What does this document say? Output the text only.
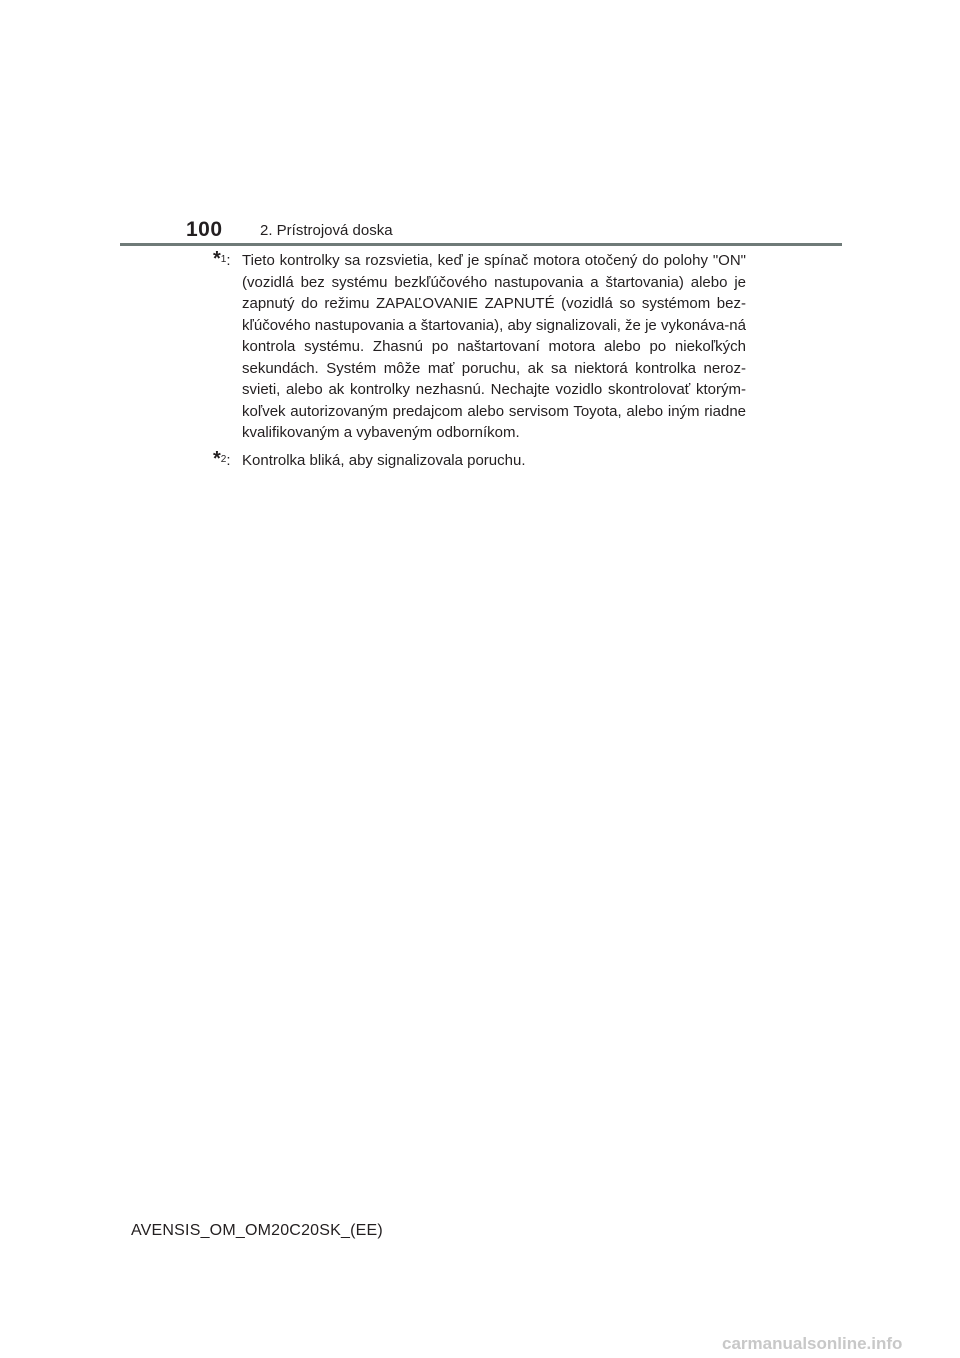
100 2. Prístrojová doska
*$^1$: Tieto kontrolky sa rozsvietia, keď je spínač motora otočený do polohy "ON" (vozidlá bez systému bezkľúčového nastupovania a štartovania) alebo je zapnutý do režimu ZAPAĽOVANIE ZAPNUTÉ (vozidlá so systémom bez-kľúčového nastupovania a štartovania), aby signalizovali, že je vykonáva-ná kontrola systému. Zhasnú po naštartovaní motora alebo po niekoľkých sekundách. Systém môže mať poruchu, ak sa niektorá kontrolka neroz-svieti, alebo ak kontrolky nezhasnú. Nechajte vozidlo skontrolovať ktorým-koľvek autorizovaným predajcom alebo servisom Toyota, alebo iným riadne kvalifikovaným a vybaveným odborníkom.
*$^2$: Kontrolka bliká, aby signalizovala poruchu.
AVENSIS_OM_OM20C20SK_(EE)
carmanualsonline.info
